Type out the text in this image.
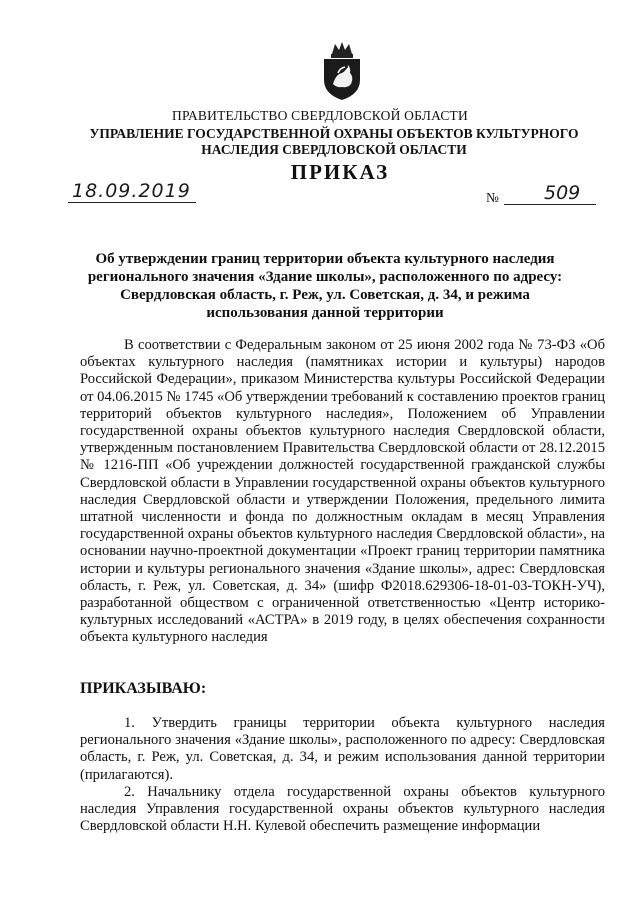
ПРАВИТЕЛЬСТВО СВЕРДЛОВСКОЙ ОБЛАСТИ
УПРАВЛЕНИЕ ГОСУДАРСТВЕННОЙ ОХРАНЫ ОБЪЕКТОВ КУЛЬТУРНОГО НАСЛЕДИЯ СВЕРДЛОВСКОЙ ОБЛАСТИ
ПРИКАЗ
18.09.2019	№ 509
Об утверждении границ территории объекта культурного наследия регионального значения «Здание школы», расположенного по адресу: Свердловская область, г. Реж, ул. Советская, д. 34, и режима использования данной территории
В соответствии с Федеральным законом от 25 июня 2002 года № 73-ФЗ «Об объектах культурного наследия (памятниках истории и культуры) народов Российской Федерации», приказом Министерства культуры Российской Федерации от 04.06.2015 № 1745 «Об утверждении требований к составлению проектов границ территорий объектов культурного наследия», Положением об Управлении государственной охраны объектов культурного наследия Свердловской области, утвержденным постановлением Правительства Свердловской области от 28.12.2015 № 1216-ПП «Об учреждении должностей государственной гражданской службы Свердловской области в Управлении государственной охраны объектов культурного наследия Свердловской области и утверждении Положения, предельного лимита штатной численности и фонда по должностным окладам в месяц Управления государственной охраны объектов культурного наследия Свердловской области», на основании научно-проектной документации «Проект границ территории памятника истории и культуры регионального значения «Здание школы», адрес: Свердловская область, г. Реж, ул. Советская, д. 34» (шифр Ф2018.629306-18-01-03-ТОКН-УЧ), разработанной обществом с ограниченной ответственностью «Центр историко-культурных исследований «АСТРА» в 2019 году, в целях обеспечения сохранности объекта культурного наследия
ПРИКАЗЫВАЮ:
1. Утвердить границы территории объекта культурного наследия регионального значения «Здание школы», расположенного по адресу: Свердловская область, г. Реж, ул. Советская, д. 34, и режим использования данной территории (прилагаются).
2. Начальнику отдела государственной охраны объектов культурного наследия Управления государственной охраны объектов культурного наследия Свердловской области Н.Н. Кулевой обеспечить размещение информации
